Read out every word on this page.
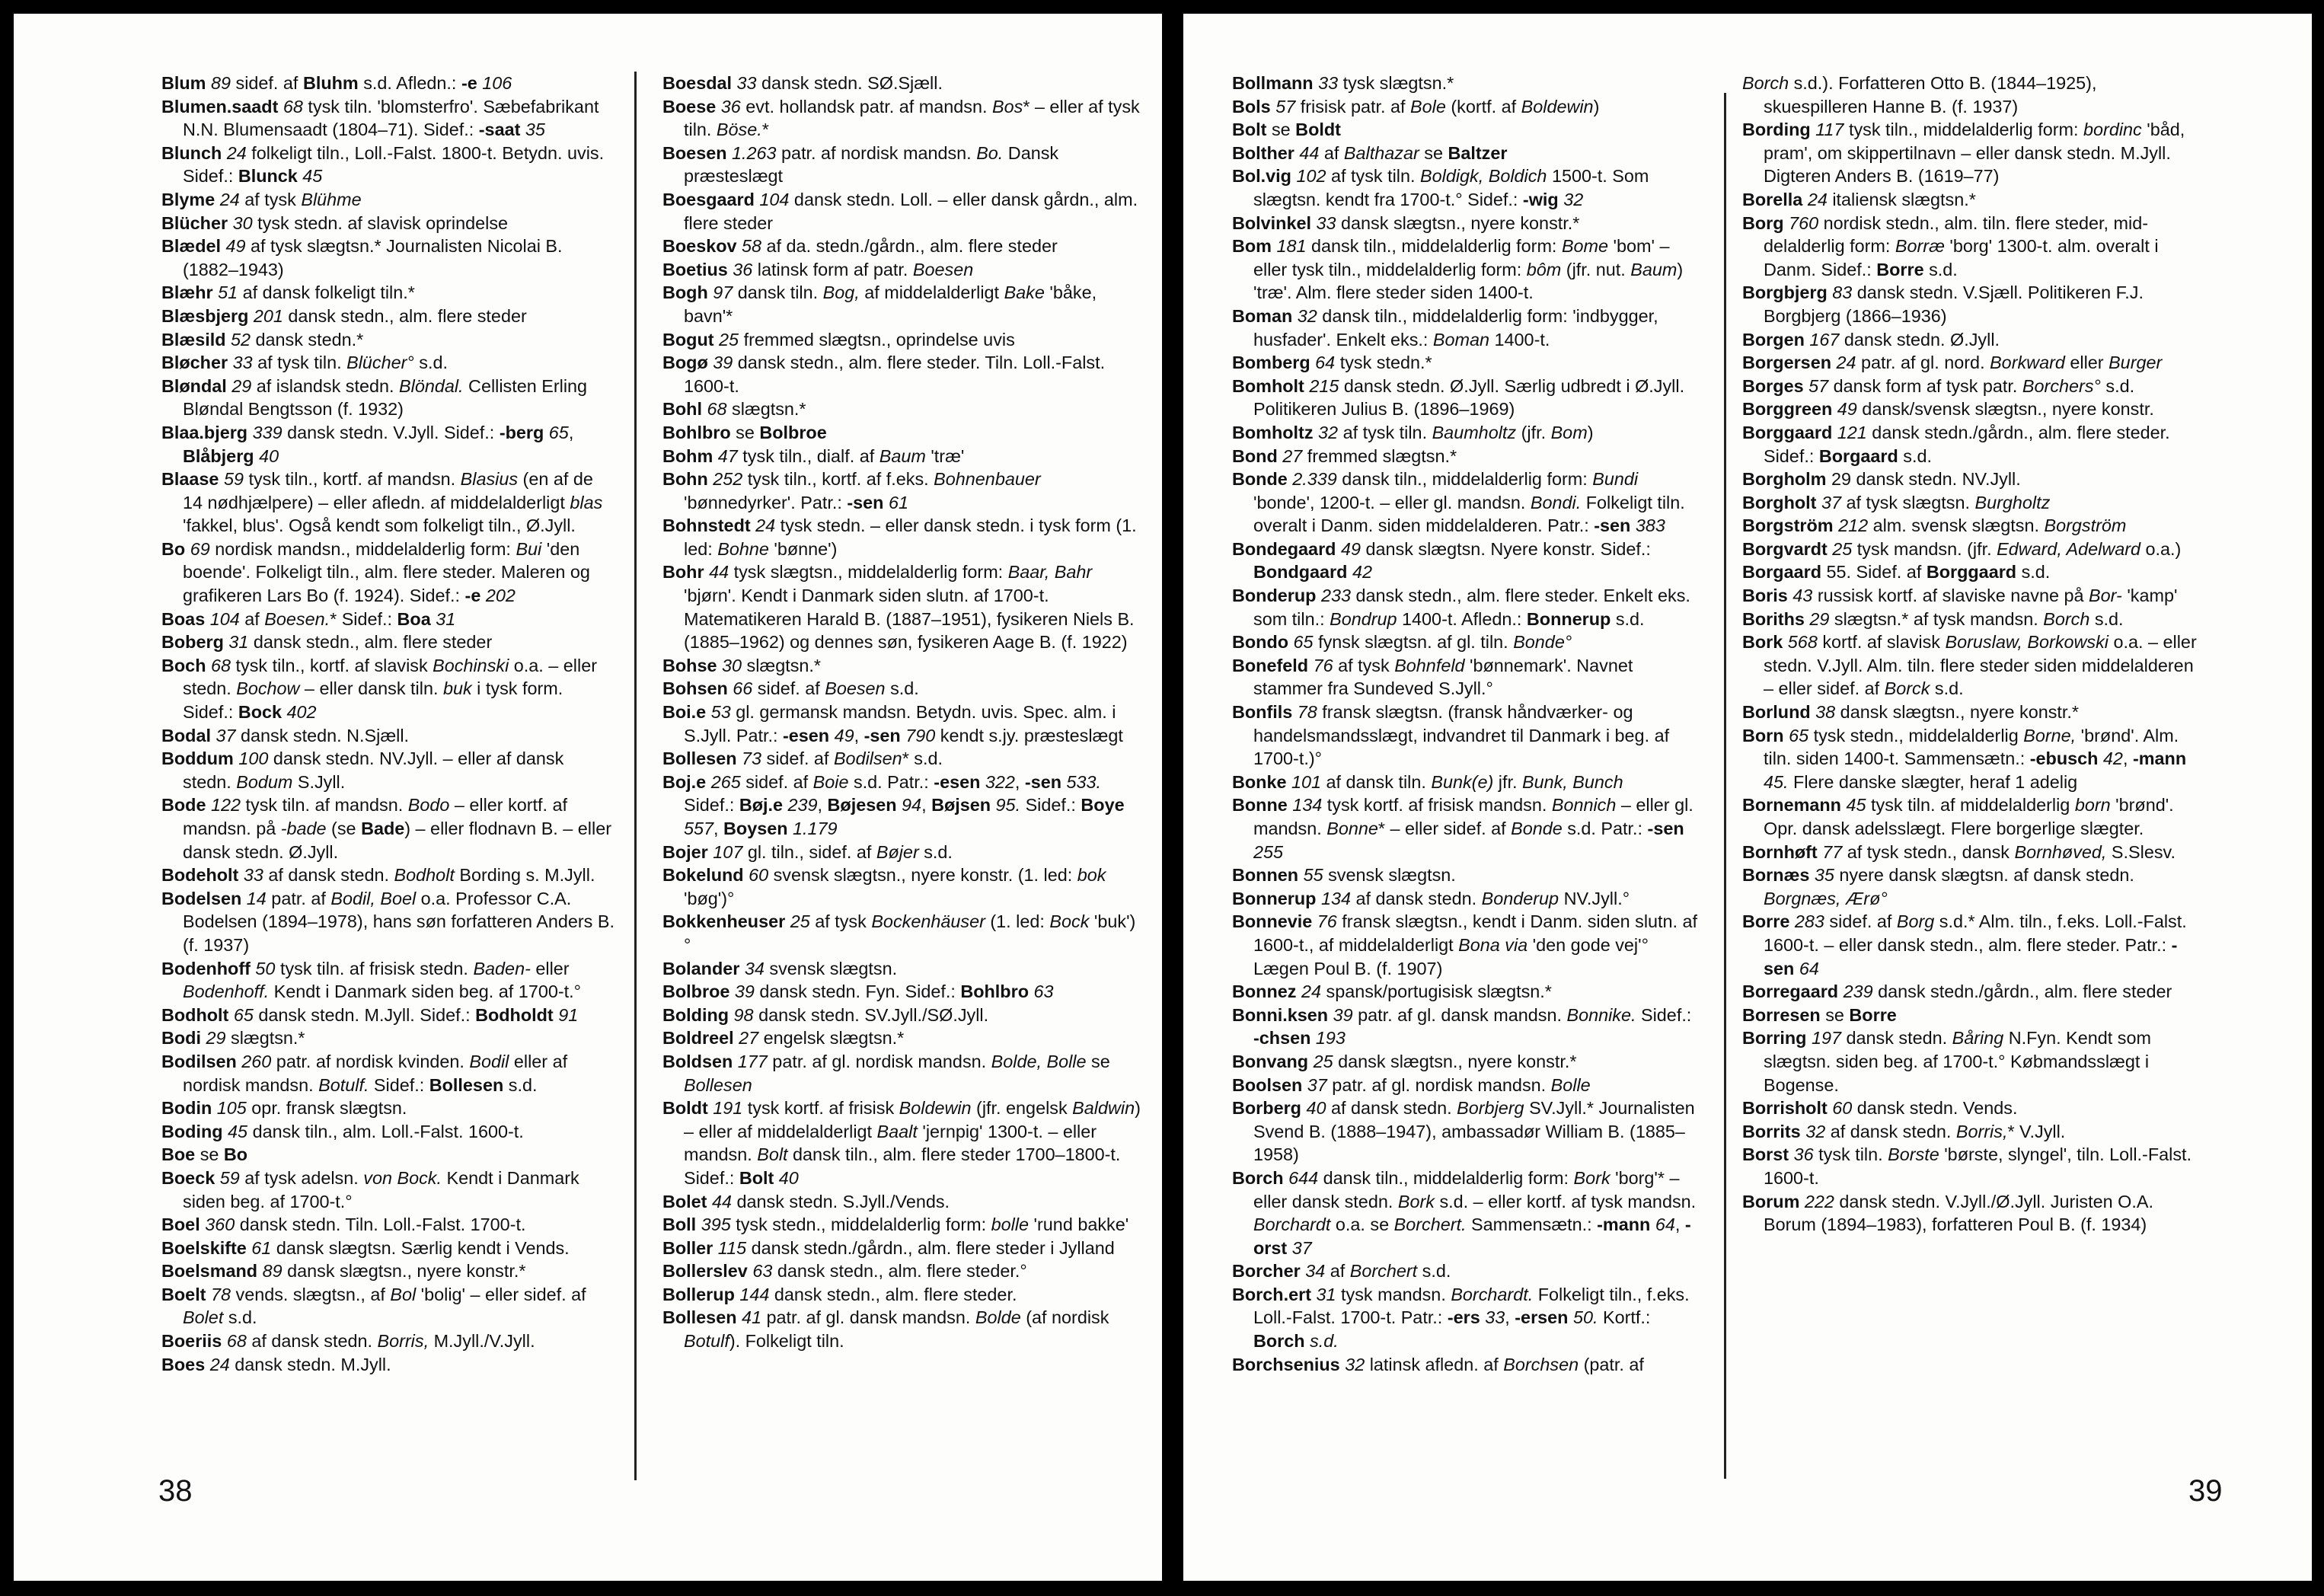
Blum 89 sidef. af Bluhm s.d. Afledn.: -e 106

Blumen.saadt 68 tysk tiln. 'blomsterfro'. Sæbefabrikant N.N. Blumensaadt (1804–71). Sidef.: -saat 35

Blunch 24 folkeligt tiln., Loll.-Falst. 1800-t. Betydn. uvis. Sidef.: Blunck 45

Blyme 24 af tysk Blühme

Blücher 30 tysk stedn. af slavisk oprindelse

Blædel 49 af tysk slægtsn.* Journalisten Nicolai B. (1882–1943)

Blæhr 51 af dansk folkeligt tiln.*

Blæsbjerg 201 dansk stedn., alm. flere steder

Blæsild 52 dansk stedn.*

Bløcher 33 af tysk tiln. Blücher° s.d.

Bløndal 29 af islandsk stedn. Blöndal. Cellisten Erling Bløndal Bengtsson (f. 1932)

Blaa.bjerg 339 dansk stedn. V.Jyll. Sidef.: -berg 65, Blåbjerg 40

Blaase 59 tysk tiln., kortf. af mandsn. Blasius (en af de 14 nødhjælpere) – eller afledn. af middelalderligt blas 'fakkel, blus'. Også kendt som folkeligt tiln., Ø.Jyll.

Bo 69 nordisk mandsn., middelalderlig form: Bui 'den boende'. Folkeligt tiln., alm. flere steder. Maleren og grafikeren Lars Bo (f. 1924). Sidef.: -e 202

Boas 104 af Boesen.* Sidef.: Boa 31

Boberg 31 dansk stedn., alm. flere steder

Boch 68 tysk tiln., kortf. af slavisk Bochinski o.a. – eller stedn. Bochow – eller dansk tiln. buk i tysk form. Sidef.: Bock 402

Bodal 37 dansk stedn. N.Sjæll.

Boddum 100 dansk stedn. NV.Jyll. – eller af dansk stedn. Bodum S.Jyll.

Bode 122 tysk tiln. af mandsn. Bodo – eller kortf. af mandsn. på -bade (se Bade) – eller flodnavn B. – eller dansk stedn. Ø.Jyll.

Bodeholt 33 af dansk stedn. Bodholt Bording s. M.Jyll.

Bodelsen 14 patr. af Bodil, Boel o.a. Professor C.A. Bodelsen (1894–1978), hans søn forfatteren Anders B. (f. 1937)

Bodenhoff 50 tysk tiln. af frisisk stedn. Baden- eller Bodenhoff. Kendt i Danmark siden beg. af 1700-t.°

Bodholt 65 dansk stedn. M.Jyll. Sidef.: Bodholdt 91

Bodi 29 slægtsn.*

Bodilsen 260 patr. af nordisk kvinden. Bodil eller af nordisk mandsn. Botulf. Sidef.: Bollesen s.d.

Bodin 105 opr. fransk slægtsn.

Boding 45 dansk tiln., alm. Loll.-Falst. 1600-t.

Boe se Bo

Boeck 59 af tysk adelsn. von Bock. Kendt i Danmark siden beg. af 1700-t.°

Boel 360 dansk stedn. Tiln. Loll.-Falst. 1700-t.

Boelskifte 61 dansk slægtsn. Særlig kendt i Vends.

Boelsmand 89 dansk slægtsn., nyere konstr.*

Boelt 78 vends. slægtsn., af Bol 'bolig' – eller sidef. af Bolet s.d.

Boeriis 68 af dansk stedn. Borris, M.Jyll./V.Jyll.

Boes 24 dansk stedn. M.Jyll.

Boesdal 33 dansk stedn. SØ.Sjæll.

Boese 36 evt. hollandsk patr. af mandsn. Bos* – eller af tysk tiln. Böse.*

Boesen 1.263 patr. af nordisk mandsn. Bo. Dansk præsteslægt

Boesgaard 104 dansk stedn. Loll. – eller dansk gårdn., alm. flere steder

Boeskov 58 af da. stedn./gårdn., alm. flere steder

Boetius 36 latinsk form af patr. Boesen

Bogh 97 dansk tiln. Bog, af middelalderligt Bake 'båke, bavn'*

Bogut 25 fremmed slægtsn., oprindelse uvis

Bogø 39 dansk stedn., alm. flere steder. Tiln. Loll.-Falst. 1600-t.

Bohl 68 slægtsn.*

Bohlbro se Bolbroe

Bohm 47 tysk tiln., dialf. af Baum 'træ'

Bohn 252 tysk tiln., kortf. af f.eks. Bohnenbauer 'bønnedyrker'. Patr.: -sen 61

Bohnstedt 24 tysk stedn. – eller dansk stedn. i tysk form (1. led: Bohne 'bønne')

Bohr 44 tysk slægtsn., middelalderlig form: Baar, Bahr 'bjørn'. Kendt i Danmark siden slutn. af 1700-t. Matematikeren Harald B. (1887–1951), fysikeren Niels B. (1885–1962) og dennes søn, fysikeren Aage B. (f. 1922)

Bohse 30 slægtsn.*

Bohsen 66 sidef. af Boesen s.d.

Boi.e 53 gl. germansk mandsn. Betydn. uvis. Spec. alm. i S.Jyll. Patr.: -esen 49, -sen 790 kendt s.jy. præsteslægt

Bollesen 73 sidef. af Bodilsen* s.d.

Boj.e 265 sidef. af Boie s.d. Patr.: -esen 322, -sen 533. Sidef.: Bøj.e 239, Bøjesen 94, Bøjsen 95. Sidef.: Boye 557, Boysen 1.179

Bojer 107 gl. tiln., sidef. af Bøjer s.d.

Bokelund 60 svensk slægtsn., nyere konstr. (1. led: bok 'bøg')°

Bokkenheuser 25 af tysk Bockenhäuser (1. led: Bock 'buk')°

Bolander 34 svensk slægtsn.

Bolbroe 39 dansk stedn. Fyn. Sidef.: Bohlbro 63

Bolding 98 dansk stedn. SV.Jyll./SØ.Jyll.

Boldreel 27 engelsk slægtsn.*

Boldsen 177 patr. af gl. nordisk mandsn. Bolde, Bolle se Bollesen

Boldt 191 tysk kortf. af frisisk Boldewin (jfr. engelsk Baldwin) – eller af middelalderligt Baalt 'jernpig' 1300-t. – eller mandsn. Bolt dansk tiln., alm. flere steder 1700–1800-t. Sidef.: Bolt 40

Bolet 44 dansk stedn. S.Jyll./Vends.

Boll 395 tysk stedn., middelalderlig form: bolle 'rund bakke'

Boller 115 dansk stedn./gårdn., alm. flere steder i Jylland

Bollerslev 63 dansk stedn., alm. flere steder.°

Bollerup 144 dansk stedn., alm. flere steder.

Bollesen 41 patr. af gl. dansk mandsn. Bolde (af nordisk Botulf). Folkeligt tiln.

38

Bollmann 33 tysk slægtsn.*

Bols 57 frisisk patr. af Bole (kortf. af Boldewin)

Bolt se Boldt

Bolther 44 af Balthazar se Baltzer

Bol.vig 102 af tysk tiln. Boldigk, Boldich 1500-t. Som slægtsn. kendt fra 1700-t.° Sidef.: -wig 32

Bolvinkel 33 dansk slægtsn., nyere konstr.*

Bom 181 dansk tiln., middelalderlig form: Bome 'bom' – eller tysk tiln., middelalderlig form: bôm (jfr. nut. Baum) 'træ'. Alm. flere steder siden 1400-t.

Boman 32 dansk tiln., middelalderlig form: 'indbygger, husfader'. Enkelt eks.: Boman 1400-t.

Bomberg 64 tysk stedn.*

Bomholt 215 dansk stedn. Ø.Jyll. Særlig udbredt i Ø.Jyll. Politikeren Julius B. (1896–1969)

Bomholtz 32 af tysk tiln. Baumholtz (jfr. Bom)

Bond 27 fremmed slægtsn.*

Bonde 2.339 dansk tiln., middelalderlig form: Bundi 'bonde', 1200-t. – eller gl. mandsn. Bondi. Folkeligt tiln. overalt i Danm. siden middelalderen. Patr.: -sen 383

Bondegaard 49 dansk slægtsn. Nyere konstr. Sidef.: Bondgaard 42

Bonderup 233 dansk stedn., alm. flere steder. Enkelt eks. som tiln.: Bondrup 1400-t. Afledn.: Bonnerup s.d.

Bondo 65 fynsk slægtsn. af gl. tiln. Bonde°

Bonefeld 76 af tysk Bohnfeld 'bønnemark'. Navnet stammer fra Sundeved S.Jyll.°

Bonfils 78 fransk slægtsn. (fransk håndværker- og handelsmandsslægt, indvandret til Danmark i beg. af 1700-t.)°

Bonke 101 af dansk tiln. Bunk(e) jfr. Bunk, Bunch

Bonne 134 tysk kortf. af frisisk mandsn. Bonnich – eller gl. mandsn. Bonne* – eller sidef. af Bonde s.d. Patr.: -sen 255

Bonnen 55 svensk slægtsn.

Bonnerup 134 af dansk stedn. Bonderup NV.Jyll.°

Bonnevie 76 fransk slægtsn., kendt i Danm. siden slutn. af 1600-t., af middelalderligt Bona via 'den gode vej'° Lægen Poul B. (f. 1907)

Bonnez 24 spansk/portugisisk slægtsn.*

Bonni.ksen 39 patr. af gl. dansk mandsn. Bonnike. Sidef.: -chsen 193

Bonvang 25 dansk slægtsn., nyere konstr.*

Boolsen 37 patr. af gl. nordisk mandsn. Bolle

Borberg 40 af dansk stedn. Borbjerg SV.Jyll.* Journalisten Svend B. (1888–1947), ambassadør William B. (1885–1958)

Borch 644 dansk tiln., middelalderlig form: Bork 'borg'* – eller dansk stedn. Bork s.d. – eller kortf. af tysk mandsn. Borchardt o.a. se Borchert. Sammensætn.: -mann 64, -orst 37

Borcher 34 af Borchert s.d.

Borch.ert 31 tysk mandsn. Borchardt. Folkeligt tiln., f.eks. Loll.-Falst. 1700-t. Patr.: -ers 33, -ersen 50. Kortf.: Borch s.d.

Borchsenius 32 latinsk afledn. af Borchsen (patr. af

Borch s.d.). Forfatteren Otto B. (1844–1925), skuespilleren Hanne B. (f. 1937)

Bording 117 tysk tiln., middelalderlig form: bordinc 'båd, pram', om skippertilnavn – eller dansk stedn. M.Jyll. Digteren Anders B. (1619–77)

Borella 24 italiensk slægtsn.*

Borg 760 nordisk stedn., alm. tiln. flere steder, middelalderlig form: Borræ 'borg' 1300-t. alm. overalt i Danm. Sidef.: Borre s.d.

Borgbjerg 83 dansk stedn. V.Sjæll. Politikeren F.J. Borgbjerg (1866–1936)

Borgen 167 dansk stedn. Ø.Jyll.

Borgersen 24 patr. af gl. nord. Borkward eller Burger

Borges 57 dansk form af tysk patr. Borchers° s.d.

Borggreen 49 dansk/svensk slægtsn., nyere konstr.

Borggaard 121 dansk stedn./gårdn., alm. flere steder. Sidef.: Borgaard s.d.

Borgholm 29 dansk stedn. NV.Jyll.

Borgholt 37 af tysk slægtsn. Burgholtz

Borgström 212 alm. svensk slægtsn. Borgström

Borgvardt 25 tysk mandsn. (jfr. Edward, Adelward o.a.)

Borgaard 55. Sidef. af Borggaard s.d.

Boris 43 russisk kortf. af slaviske navne på Bor- 'kamp'

Boriths 29 slægtsn.* af tysk mandsn. Borch s.d.

Bork 568 kortf. af slavisk Boruslaw, Borkowski o.a. – eller stedn. V.Jyll. Alm. tiln. flere steder siden middelalderen – eller sidef. af Borck s.d.

Borlund 38 dansk slægtsn., nyere konstr.*

Born 65 tysk stedn., middelalderlig Borne, 'brønd'. Alm. tiln. siden 1400-t. Sammensætn.: -ebusch 42, -mann 45. Flere danske slægter, heraf 1 adelig

Bornemann 45 tysk tiln. af middelalderlig born 'brønd'. Opr. dansk adelsslægt. Flere borgerlige slægter.

Bornhøft 77 af tysk stedn., dansk Bornhøved, S.Slesv.

Bornæs 35 nyere dansk slægtsn. af dansk stedn. Borgnæs, Ærø°

Borre 283 sidef. af Borg s.d.* Alm. tiln., f.eks. Loll.-Falst. 1600-t. – eller dansk stedn., alm. flere steder. Patr.: -sen 64

Borregaard 239 dansk stedn./gårdn., alm. flere steder

Borresen se Borre

Borring 197 dansk stedn. Båring N.Fyn. Kendt som slægtsn. siden beg. af 1700-t.° Købmandsslægt i Bogense.

Borrisholt 60 dansk stedn. Vends.

Borrits 32 af dansk stedn. Borris,* V.Jyll.

Borst 36 tysk tiln. Borste 'børste, slyngel', tiln. Loll.-Falst. 1600-t.

Borum 222 dansk stedn. V.Jyll./Ø.Jyll. Juristen O.A. Borum (1894–1983), forfatteren Poul B. (f. 1934)

39
